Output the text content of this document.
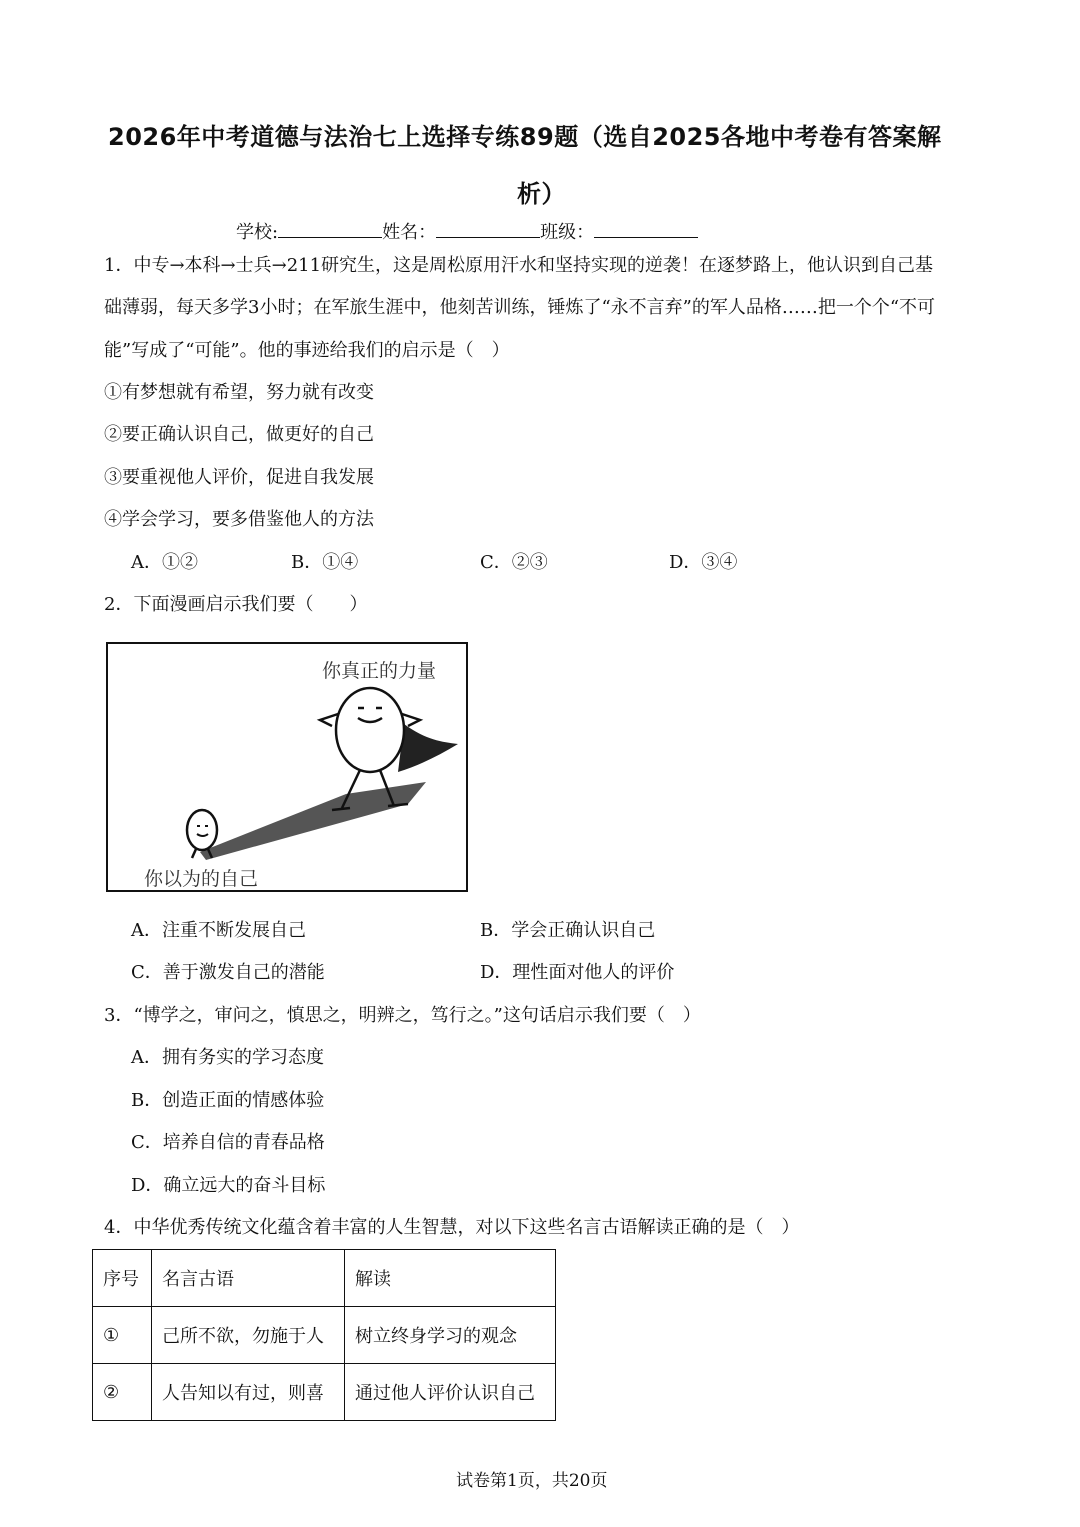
2026年中考道德与法治七上选择专练89题（选自2025各地中考卷有答案解
析）
学校:	姓名：	班级：
1．中专→本科→士兵→211研究生，这是周松原用汗水和坚持实现的逆袭！在逐梦路上，他认识到自己基
础薄弱，每天多学3小时；在军旅生涯中，他刻苦训练，锤炼了“永不言弃”的军人品格……把一个个“不可
能”写成了“可能”。他的事迹给我们的启示是（　）
①有梦想就有希望，努力就有改变
②要正确认识自己，做更好的自己
③要重视他人评价，促进自我发展
④学会学习，要多借鉴他人的方法
A．①②	B．①④	C．②③	D．③④
2．下面漫画启示我们要（　　）
你真正的力量
你以为的自己
A．注重不断发展自己	B．学会正确认识自己
C．善于激发自己的潜能	D．理性面对他人的评价
3．“博学之，审问之，慎思之，明辨之，笃行之。”这句话启示我们要（　）
A．拥有务实的学习态度
B．创造正面的情感体验
C．培养自信的青春品格
D．确立远大的奋斗目标
4．中华优秀传统文化蕴含着丰富的人生智慧，对以下这些名言古语解读正确的是（　）
序号	名言古语	解读
①	己所不欲，勿施于人	树立终身学习的观念
②	人告知以有过，则喜	通过他人评价认识自己
试卷第1页，共20页
